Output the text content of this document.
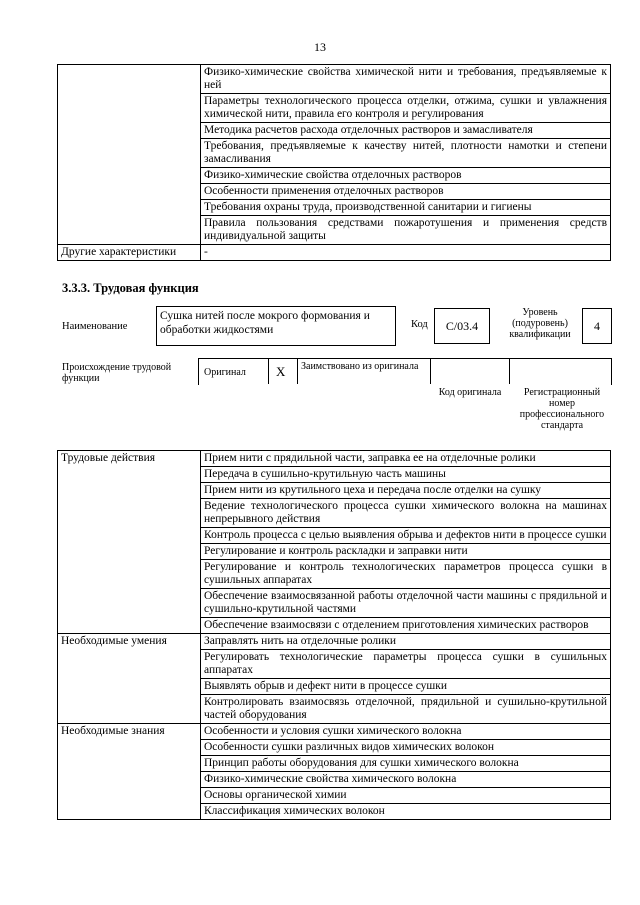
13
	Физико-химические свойства химической нити и требования, предъявляемые к ней
	Параметры технологического процесса отделки, отжима, сушки и увлажнения химической нити, правила его контроля и регулирования
	Методика расчетов расхода отделочных растворов и замасливателя
	Требования, предъявляемые к качеству нитей, плотности намотки и степени замасливания
	Физико-химические свойства отделочных растворов
	Особенности применения отделочных растворов
	Требования охраны труда, производственной санитарии и гигиены
	Правила пользования средствами пожаротушения и применения средств индивидуальной защиты
Другие характеристики	-
3.3.3. Трудовая функция
Наименование
Сушка нитей после мокрого формования и обработки жидкостями	Код	С/03.4
Уровень (подуровень) квалификации
4
Происхождение трудовой функции
Оригинал X Заимствовано из оригинала
Код оригинала	Регистрационный номер профессионального стандарта
Трудовые действия	Прием нити с прядильной части, заправка ее на отделочные ролики
	Передача в сушильно-крутильную часть машины
	Прием нити из крутильного цеха и передача после отделки на сушку
	Ведение технологического процесса сушки химического волокна на машинах непрерывного действия
	Контроль процесса с целью выявления обрыва и дефектов нити в процессе сушки
	Регулирование и контроль раскладки и заправки нити
	Регулирование и контроль технологических параметров процесса сушки в сушильных аппаратах
	Обеспечение взаимосвязанной работы отделочной части машины с прядильной и сушильно-крутильной частями
	Обеспечение взаимосвязи с отделением приготовления химических растворов
Необходимые умения	Заправлять нить на отделочные ролики
	Регулировать технологические параметры процесса сушки в сушильных аппаратах
	Выявлять обрыв и дефект нити в процессе сушки
	Контролировать взаимосвязь отделочной, прядильной и сушильно-крутильной частей оборудования
Необходимые знания	Особенности и условия сушки химического волокна
	Особенности сушки различных видов химических волокон
	Принцип работы оборудования для сушки химического волокна
	Физико-химические свойства химического волокна
	Основы органической химии
	Классификация химических волокон
